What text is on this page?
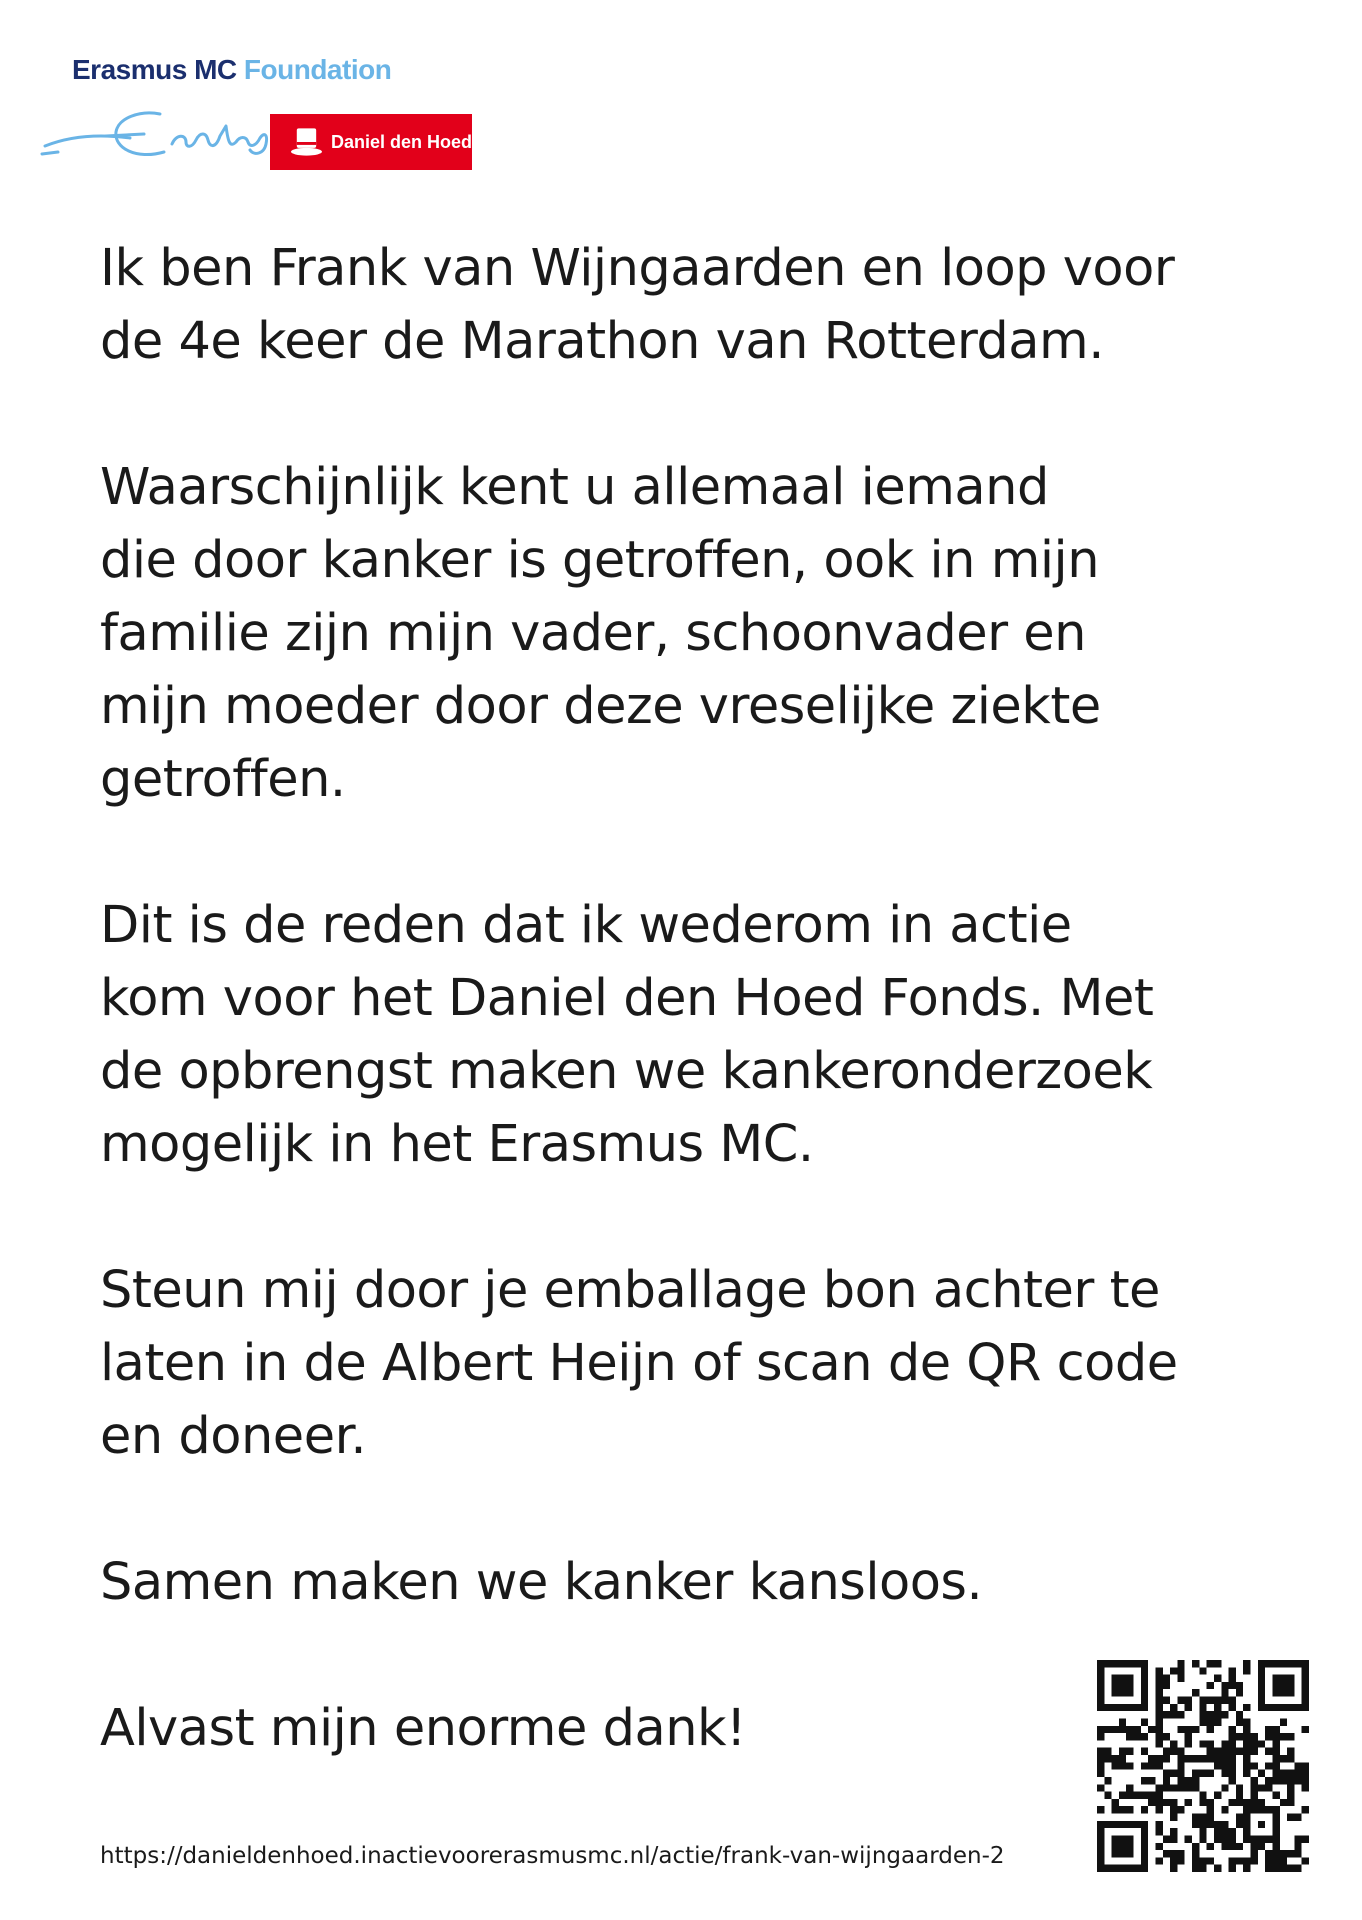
Erasmus MC Foundation
Daniel den Hoed

Ik ben Frank van Wijngaarden en loop voor
de 4e keer de Marathon van Rotterdam.

Waarschijnlijk kent u allemaal iemand
die door kanker is getroffen, ook in mijn
familie zijn mijn vader, schoonvader en
mijn moeder door deze vreselijke ziekte
getroffen.

Dit is de reden dat ik wederom in actie
kom voor het Daniel den Hoed Fonds. Met
de opbrengst maken we kankeronderzoek
mogelijk in het Erasmus MC.

Steun mij door je emballage bon achter te
laten in de Albert Heijn of scan de QR code
en doneer.

Samen maken we kanker kansloos.

Alvast mijn enorme dank!

https://danieldenhoed.inactievoorerasmusmc.nl/actie/frank-van-wijngaarden-2
